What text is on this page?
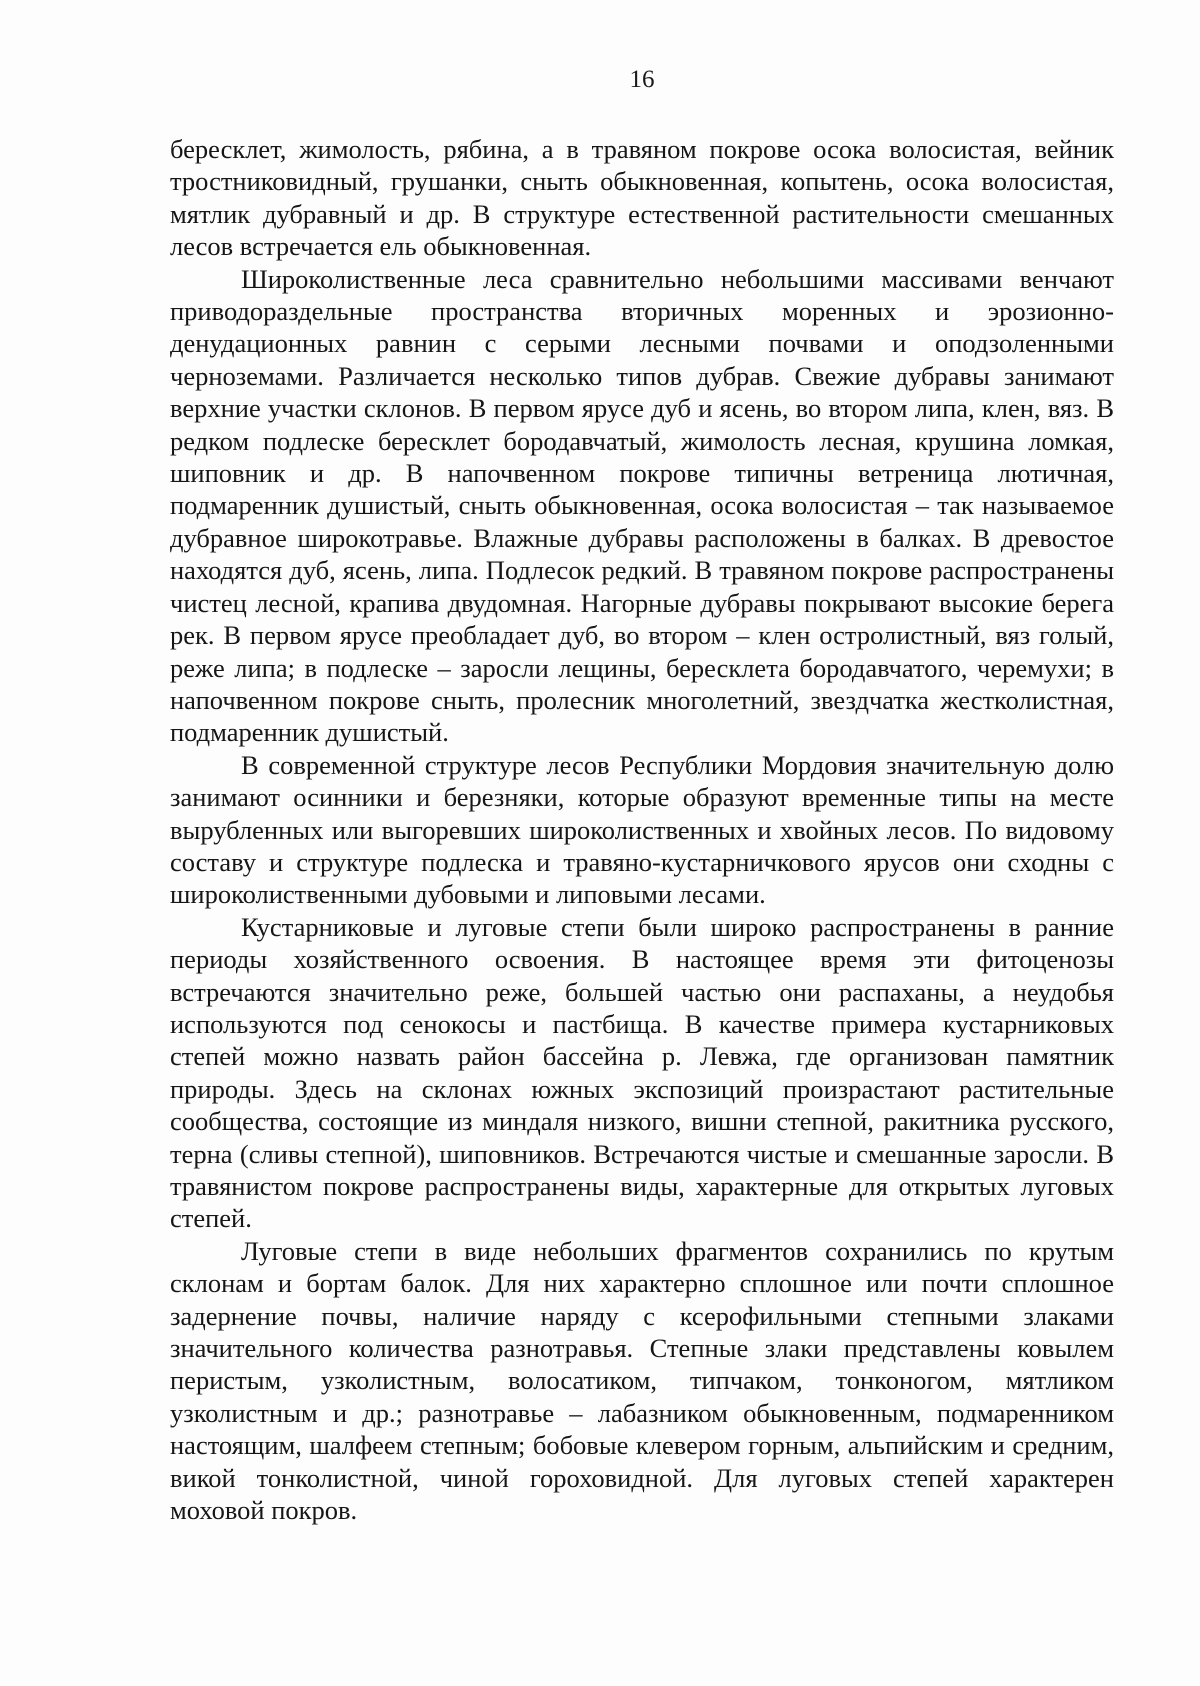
16

бересклет, жимолость, рябина, а в травяном покрове осока волосистая, вейник тростниковидный, грушанки, сныть обыкновенная, копытень, осока волосистая, мятлик дубравный и др. В структуре естественной растительности смешанных лесов встречается ель обыкновенная.

Широколиственные леса сравнительно небольшими массивами венчают приводораздельные пространства вторичных моренных и эрозионно-денудационных равнин с серыми лесными почвами и оподзоленными черноземами. Различается несколько типов дубрав. Свежие дубравы занимают верхние участки склонов. В первом ярусе дуб и ясень, во втором липа, клен, вяз. В редком подлеске бересклет бородавчатый, жимолость лесная, крушина ломкая, шиповник и др. В напочвенном покрове типичны ветреница лютичная, подмаренник душистый, сныть обыкновенная, осока волосистая – так называемое дубравное широкотравье. Влажные дубравы расположены в балках. В древостое находятся дуб, ясень, липа. Подлесок редкий. В травяном покрове распространены чистец лесной, крапива двудомная. Нагорные дубравы покрывают высокие берега рек. В первом ярусе преобладает дуб, во втором – клен остролистный, вяз голый, реже липа; в подлеске – заросли лещины, бересклета бородавчатого, черемухи; в напочвенном покрове сныть, пролесник многолетний, звездчатка жестколистная, подмаренник душистый.

В современной структуре лесов Республики Мордовия значительную долю занимают осинники и березняки, которые образуют временные типы на месте вырубленных или выгоревших широколиственных и хвойных лесов. По видовому составу и структуре подлеска и травяно-кустарничкового ярусов они сходны с широколиственными дубовыми и липовыми лесами.

Кустарниковые и луговые степи были широко распространены в ранние периоды хозяйственного освоения. В настоящее время эти фитоценозы встречаются значительно реже, большей частью они распаханы, а неудобья используются под сенокосы и пастбища. В качестве примера кустарниковых степей можно назвать район бассейна р. Левжа, где организован памятник природы. Здесь на склонах южных экспозиций произрастают растительные сообщества, состоящие из миндаля низкого, вишни степной, ракитника русского, терна (сливы степной), шиповников. Встречаются чистые и смешанные заросли. В травянистом покрове распространены виды, характерные для открытых луговых степей.

Луговые степи в виде небольших фрагментов сохранились по крутым склонам и бортам балок. Для них характерно сплошное или почти сплошное задернение почвы, наличие наряду с ксерофильными степными злаками значительного количества разнотравья. Степные злаки представлены ковылем перистым, узколистным, волосатиком, типчаком, тонконогом, мятликом узколистным и др.; разнотравье – лабазником обыкновенным, подмаренником настоящим, шалфеем степным; бобовые клевером горным, альпийским и средним, викой тонколистной, чиной гороховидной. Для луговых степей характерен моховой покров.
